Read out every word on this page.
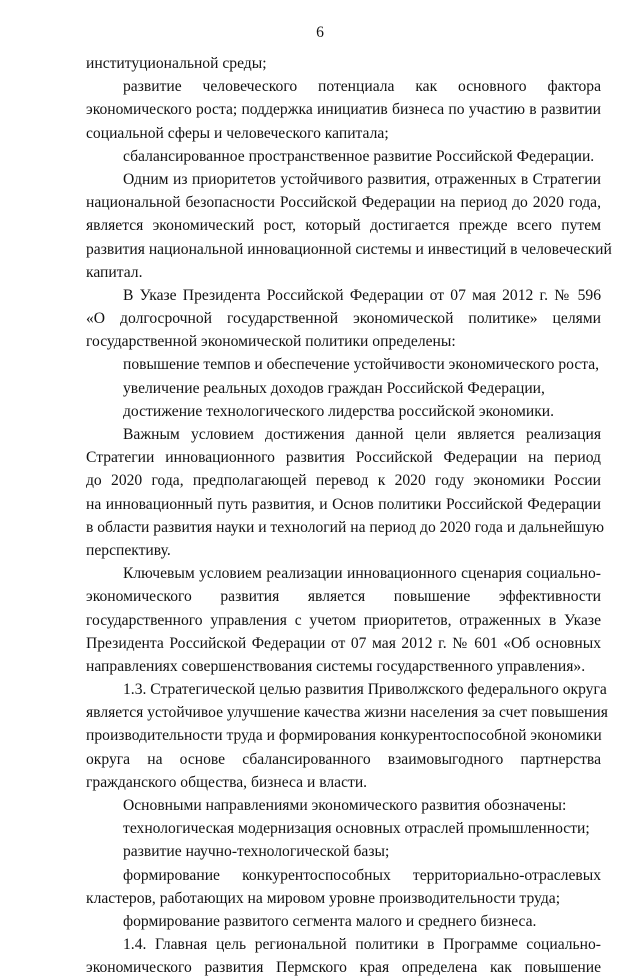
6
институциональной среды;
развитие человеческого потенциала как основного фактора
экономического роста; поддержка инициатив бизнеса по участию в развитии
социальной сферы и человеческого капитала;
сбалансированное пространственное развитие Российской Федерации.
Одним из приоритетов устойчивого развития, отраженных в Стратегии
национальной безопасности Российской Федерации на период до 2020 года,
является экономический рост, который достигается прежде всего путем
развития национальной инновационной системы и инвестиций в человеческий
капитал.
В Указе Президента Российской Федерации от 07 мая 2012 г. № 596
«О долгосрочной государственной экономической политике» целями
государственной экономической политики определены:
повышение темпов и обеспечение устойчивости экономического роста,
увеличение реальных доходов граждан Российской Федерации,
достижение технологического лидерства российской экономики.
Важным условием достижения данной цели является реализация
Стратегии инновационного развития Российской Федерации на период
до 2020 года, предполагающей перевод к 2020 году экономики России
на инновационный путь развития, и Основ политики Российской Федерации
в области развития науки и технологий на период до 2020 года и дальнейшую
перспективу.
Ключевым условием реализации инновационного сценария социально-
экономического развития является повышение эффективности
государственного управления с учетом приоритетов, отраженных в Указе
Президента Российской Федерации от 07 мая 2012 г. № 601 «Об основных
направлениях совершенствования системы государственного управления».
1.3. Стратегической целью развития Приволжского федерального округа
является устойчивое улучшение качества жизни населения за счет повышения
производительности труда и формирования конкурентоспособной экономики
округа на основе сбалансированного взаимовыгодного партнерства
гражданского общества, бизнеса и власти.
Основными направлениями экономического развития обозначены:
технологическая модернизация основных отраслей промышленности;
развитие научно-технологической базы;
формирование конкурентоспособных территориально-отраслевых
кластеров, работающих на мировом уровне производительности труда;
формирование развитого сегмента малого и среднего бизнеса.
1.4. Главная цель региональной политики в Программе социально-
экономического развития Пермского края определена как повышение
